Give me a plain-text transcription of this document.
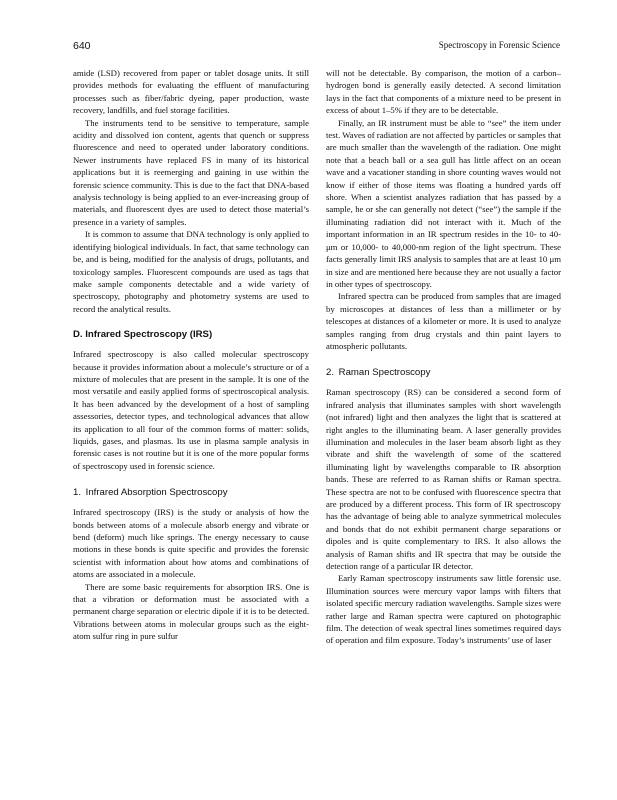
640	Spectroscopy in Forensic Science

amide (LSD) recovered from paper or tablet dosage units. It still provides methods for evaluating the effluent of manufacturing processes such as fiber/fabric dyeing, paper production, waste recovery, landfills, and fuel storage facilities.

The instruments tend to be sensitive to temperature, sample acidity and dissolved ion content, agents that quench or suppress fluorescence and need to operated under laboratory conditions. Newer instruments have replaced FS in many of its historical applications but it is reemerging and gaining in use within the forensic science community. This is due to the fact that DNA-based analysis technology is being applied to an ever-increasing group of materials, and fluorescent dyes are used to detect those material’s presence in a variety of samples.

It is common to assume that DNA technology is only applied to identifying biological individuals. In fact, that same technology can be, and is being, modified for the analysis of drugs, pollutants, and toxicology samples. Fluorescent compounds are used as tags that make sample components detectable and a wide variety of spectroscopy, photography and photometry systems are used to record the analytical results.

D. Infrared Spectroscopy (IRS)

Infrared spectroscopy is also called molecular spectroscopy because it provides information about a molecule’s structure or of a mixture of molecules that are present in the sample. It is one of the most versatile and easily applied forms of spectroscopical analysis. It has been advanced by the development of a host of sampling assessories, detector types, and technological advances that allow its application to all four of the common forms of matter: solids, liquids, gases, and plasmas. Its use in plasma sample analysis in forensic cases is not routine but it is one of the more popular forms of spectroscopy used in forensic science.

1. Infrared Absorption Spectroscopy

Infrared spectroscopy (IRS) is the study or analysis of how the bonds between atoms of a molecule absorb energy and vibrate or bend (deform) much like springs. The energy necessary to cause motions in these bonds is quite specific and provides the forensic scientist with information about how atoms and combinations of atoms are associated in a molecule.

There are some basic requirements for absorption IRS. One is that a vibration or deformation must be associated with a permanent charge separation or electric dipole if it is to be detected. Vibrations between atoms in molecular groups such as the eight-atom sulfur ring in pure sulfur

will not be detectable. By comparison, the motion of a carbon–hydrogen bond is generally easily detected. A second limitation lays in the fact that components of a mixture need to be present in excess of about 1–5% if they are to be detectable.

Finally, an IR instrument must be able to “see” the item under test. Waves of radiation are not affected by particles or samples that are much smaller than the wavelength of the radiation. One might note that a beach ball or a sea gull has little affect on an ocean wave and a vacationer standing in shore counting waves would not know if either of those items was floating a hundred yards off shore. When a scientist analyzes radiation that has passed by a sample, he or she can generally not detect (“see”) the sample if the illuminating radiation did not interact with it. Much of the important information in an IR spectrum resides in the 10- to 40-μm or 10,000- to 40,000-nm region of the light spectrum. These facts generally limit IRS analysis to samples that are at least 10 μm in size and are mentioned here because they are not usually a factor in other types of spectroscopy.

Infrared spectra can be produced from samples that are imaged by microscopes at distances of less than a millimeter or by telescopes at distances of a kilometer or more. It is used to analyze samples ranging from drug crystals and thin paint layers to atmospheric pollutants.

2. Raman Spectroscopy

Raman spectroscopy (RS) can be considered a second form of infrared analysis that illuminates samples with short wavelength (not infrared) light and then analyzes the light that is scattered at right angles to the illuminating beam. A laser generally provides illumination and molecules in the laser beam absorb light as they vibrate and shift the wavelength of some of the scattered illuminating light by wavelengths comparable to IR absorption bands. These are referred to as Raman shifts or Raman spectra. These spectra are not to be confused with fluorescence spectra that are produced by a different process. This form of IR spectroscopy has the advantage of being able to analyze symmetrical molecules and bonds that do not exhibit permanent charge separations or dipoles and is quite complementary to IRS. It also allows the analysis of Raman shifts and IR spectra that may be outside the detection range of a particular IR detector.

Early Raman spectroscopy instruments saw little forensic use. Illumination sources were mercury vapor lamps with filters that isolated specific mercury radiation wavelengths. Sample sizes were rather large and Raman spectra were captured on photographic film. The detection of weak spectral lines sometimes required days of operation and film exposure. Today’s instruments’ use of laser
